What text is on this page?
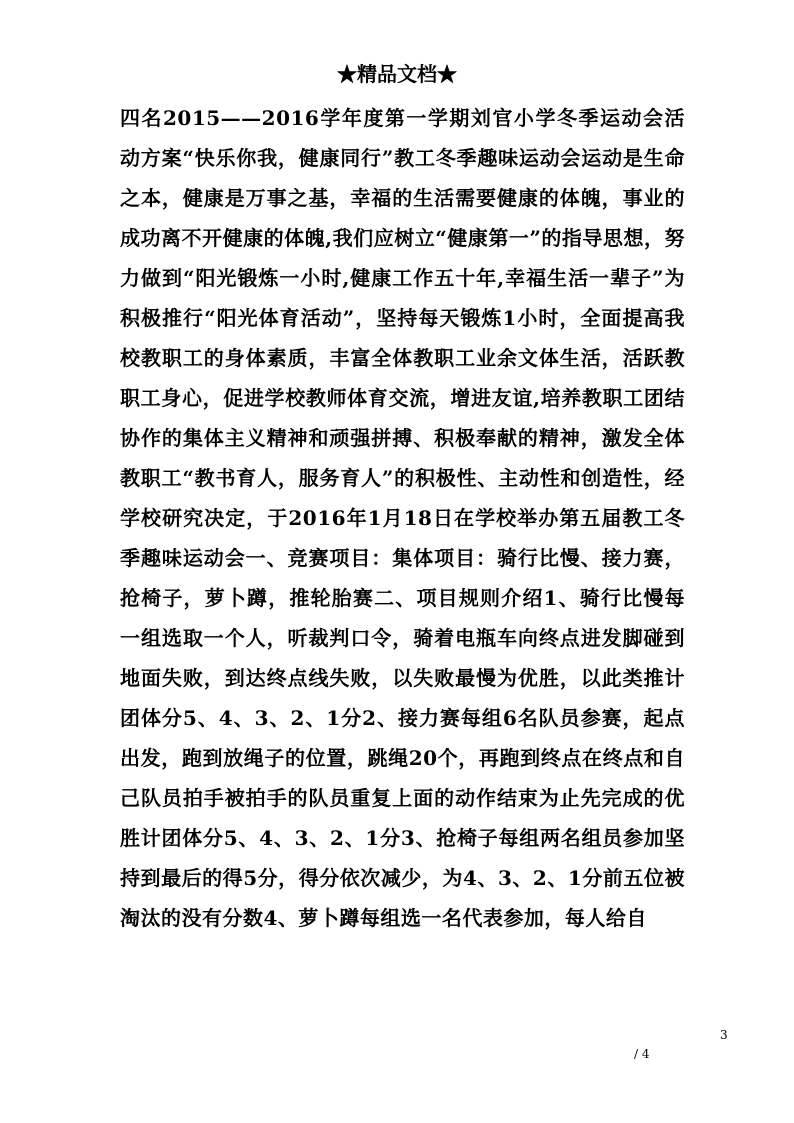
★精品文档★

四名2015——2016学年度第一学期刘官小学冬季运动会活动方案“快乐你我，健康同行”教工冬季趣味运动会运动是生命之本，健康是万事之基，幸福的生活需要健康的体魄，事业的成功离不开健康的体魄,我们应树立“健康第一”的指导思想，努力做到“阳光锻炼一小时,健康工作五十年,幸福生活一辈子”为积极推行“阳光体育活动”，坚持每天锻炼1小时，全面提高我校教职工的身体素质，丰富全体教职工业余文体生活，活跃教职工身心，促进学校教师体育交流，增进友谊,培养教职工团结协作的集体主义精神和顽强拼搏、积极奉献的精神，激发全体教职工“教书育人，服务育人”的积极性、主动性和创造性，经学校研究决定，于2016年1月18日在学校举办第五届教工冬季趣味运动会一、竞赛项目：集体项目：骑行比慢、接力赛，抢椅子，萝卜蹲，推轮胎赛二、项目规则介绍1、骑行比慢每一组选取一个人，听裁判口令，骑着电瓶车向终点进发脚碰到地面失败，到达终点线失败，以失败最慢为优胜，以此类推计团体分5、4、3、2、1分2、接力赛每组6名队员参赛，起点出发，跑到放绳子的位置，跳绳20个，再跑到终点在终点和自己队员拍手被拍手的队员重复上面的动作结束为止先完成的优胜计团体分5、4、3、2、1分3、抢椅子每组两名组员参加坚持到最后的得5分，得分依次减少，为4、3、2、1分前五位被淘汰的没有分数4、萝卜蹲每组选一名代表参加，每人给自

3
/ 4
